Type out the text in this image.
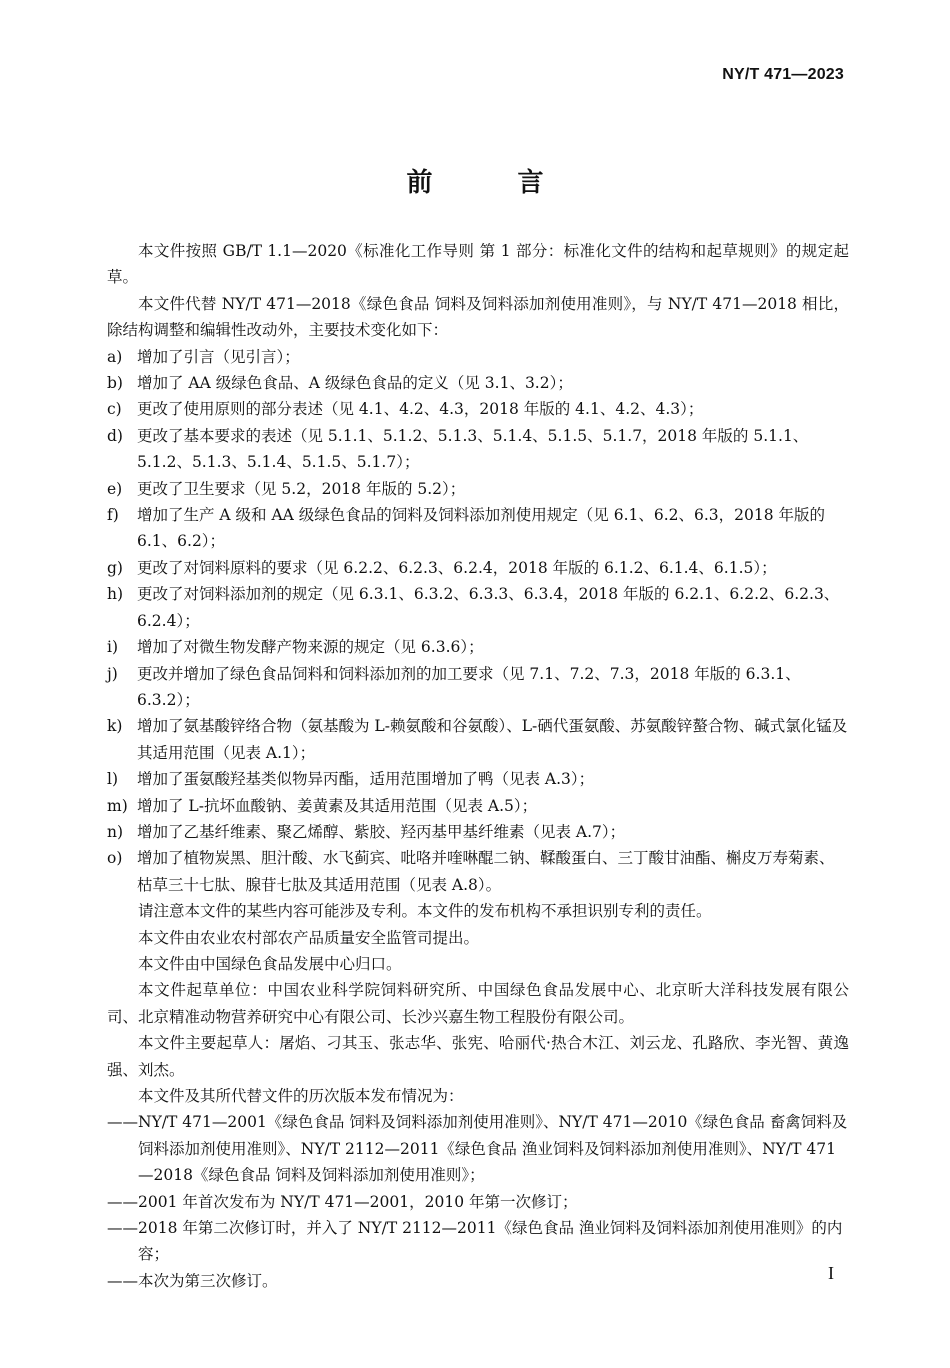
NY/T 471—2023
前 言

本文件按照 GB/T 1.1—2020《标准化工作导则 第 1 部分：标准化文件的结构和起草规则》的规定起草。

本文件代替 NY/T 471—2018《绿色食品 饲料及饲料添加剂使用准则》，与 NY/T 471—2018 相比，除结构调整和编辑性改动外，主要技术变化如下：

a) 增加了引言（见引言）；
b) 增加了 AA 级绿色食品、A 级绿色食品的定义（见 3.1、3.2）；
c) 更改了使用原则的部分表述（见 4.1、4.2、4.3，2018 年版的 4.1、4.2、4.3）；
d) 更改了基本要求的表述（见 5.1.1、5.1.2、5.1.3、5.1.4、5.1.5、5.1.7，2018 年版的 5.1.1、5.1.2、5.1.3、5.1.4、5.1.5、5.1.7）；
e) 更改了卫生要求（见 5.2，2018 年版的 5.2）；
f)	增加了生产 A 级和 AA 级绿色食品的饲料及饲料添加剂使用规定（见 6.1、6.2、6.3，2018 年版的 6.1、6.2）；
g) 更改了对饲料原料的要求（见 6.2.2、6.2.3、6.2.4，2018 年版的 6.1.2、6.1.4、6.1.5）；
h) 更改了对饲料添加剂的规定（见 6.3.1、6.3.2、6.3.3、6.3.4，2018 年版的 6.2.1、6.2.2、6.2.3、6.2.4）；
i)	增加了对微生物发酵产物来源的规定（见 6.3.6）；
j)	更改并增加了绿色食品饲料和饲料添加剂的加工要求（见 7.1、7.2、7.3，2018 年版的 6.3.1、6.3.2）；
k) 增加了氨基酸锌络合物（氨基酸为 L-赖氨酸和谷氨酸）、L-硒代蛋氨酸、苏氨酸锌螯合物、碱式氯化锰及其适用范围（见表 A.1）；
l)	增加了蛋氨酸羟基类似物异丙酯，适用范围增加了鸭（见表 A.3）；
m) 增加了 L-抗坏血酸钠、姜黄素及其适用范围（见表 A.5）；
n) 增加了乙基纤维素、聚乙烯醇、紫胶、羟丙基甲基纤维素（见表 A.7）；
o) 增加了植物炭黑、胆汁酸、水飞蓟宾、吡咯并喹啉醌二钠、鞣酸蛋白、三丁酸甘油酯、槲皮万寿菊素、枯草三十七肽、腺苷七肽及其适用范围（见表 A.8）。

请注意本文件的某些内容可能涉及专利。本文件的发布机构不承担识别专利的责任。

本文件由农业农村部农产品质量安全监管司提出。

本文件由中国绿色食品发展中心归口。

本文件起草单位：中国农业科学院饲料研究所、中国绿色食品发展中心、北京昕大洋科技发展有限公司、北京精准动物营养研究中心有限公司、长沙兴嘉生物工程股份有限公司。

本文件主要起草人：屠焰、刁其玉、张志华、张宪、哈丽代·热合木江、刘云龙、孔路欣、李光智、黄逸强、刘杰。

本文件及其所代替文件的历次版本发布情况为：

——NY/T 471—2001《绿色食品 饲料及饲料添加剂使用准则》、NY/T 471—2010《绿色食品 畜禽饲料及饲料添加剂使用准则》、NY/T 2112—2011《绿色食品 渔业饲料及饲料添加剂使用准则》、NY/T 471—2018《绿色食品 饲料及饲料添加剂使用准则》；
——2001 年首次发布为 NY/T 471—2001，2010 年第一次修订；
——2018 年第二次修订时，并入了 NY/T 2112—2011《绿色食品 渔业饲料及饲料添加剂使用准则》的内容；
——本次为第三次修订。	I
